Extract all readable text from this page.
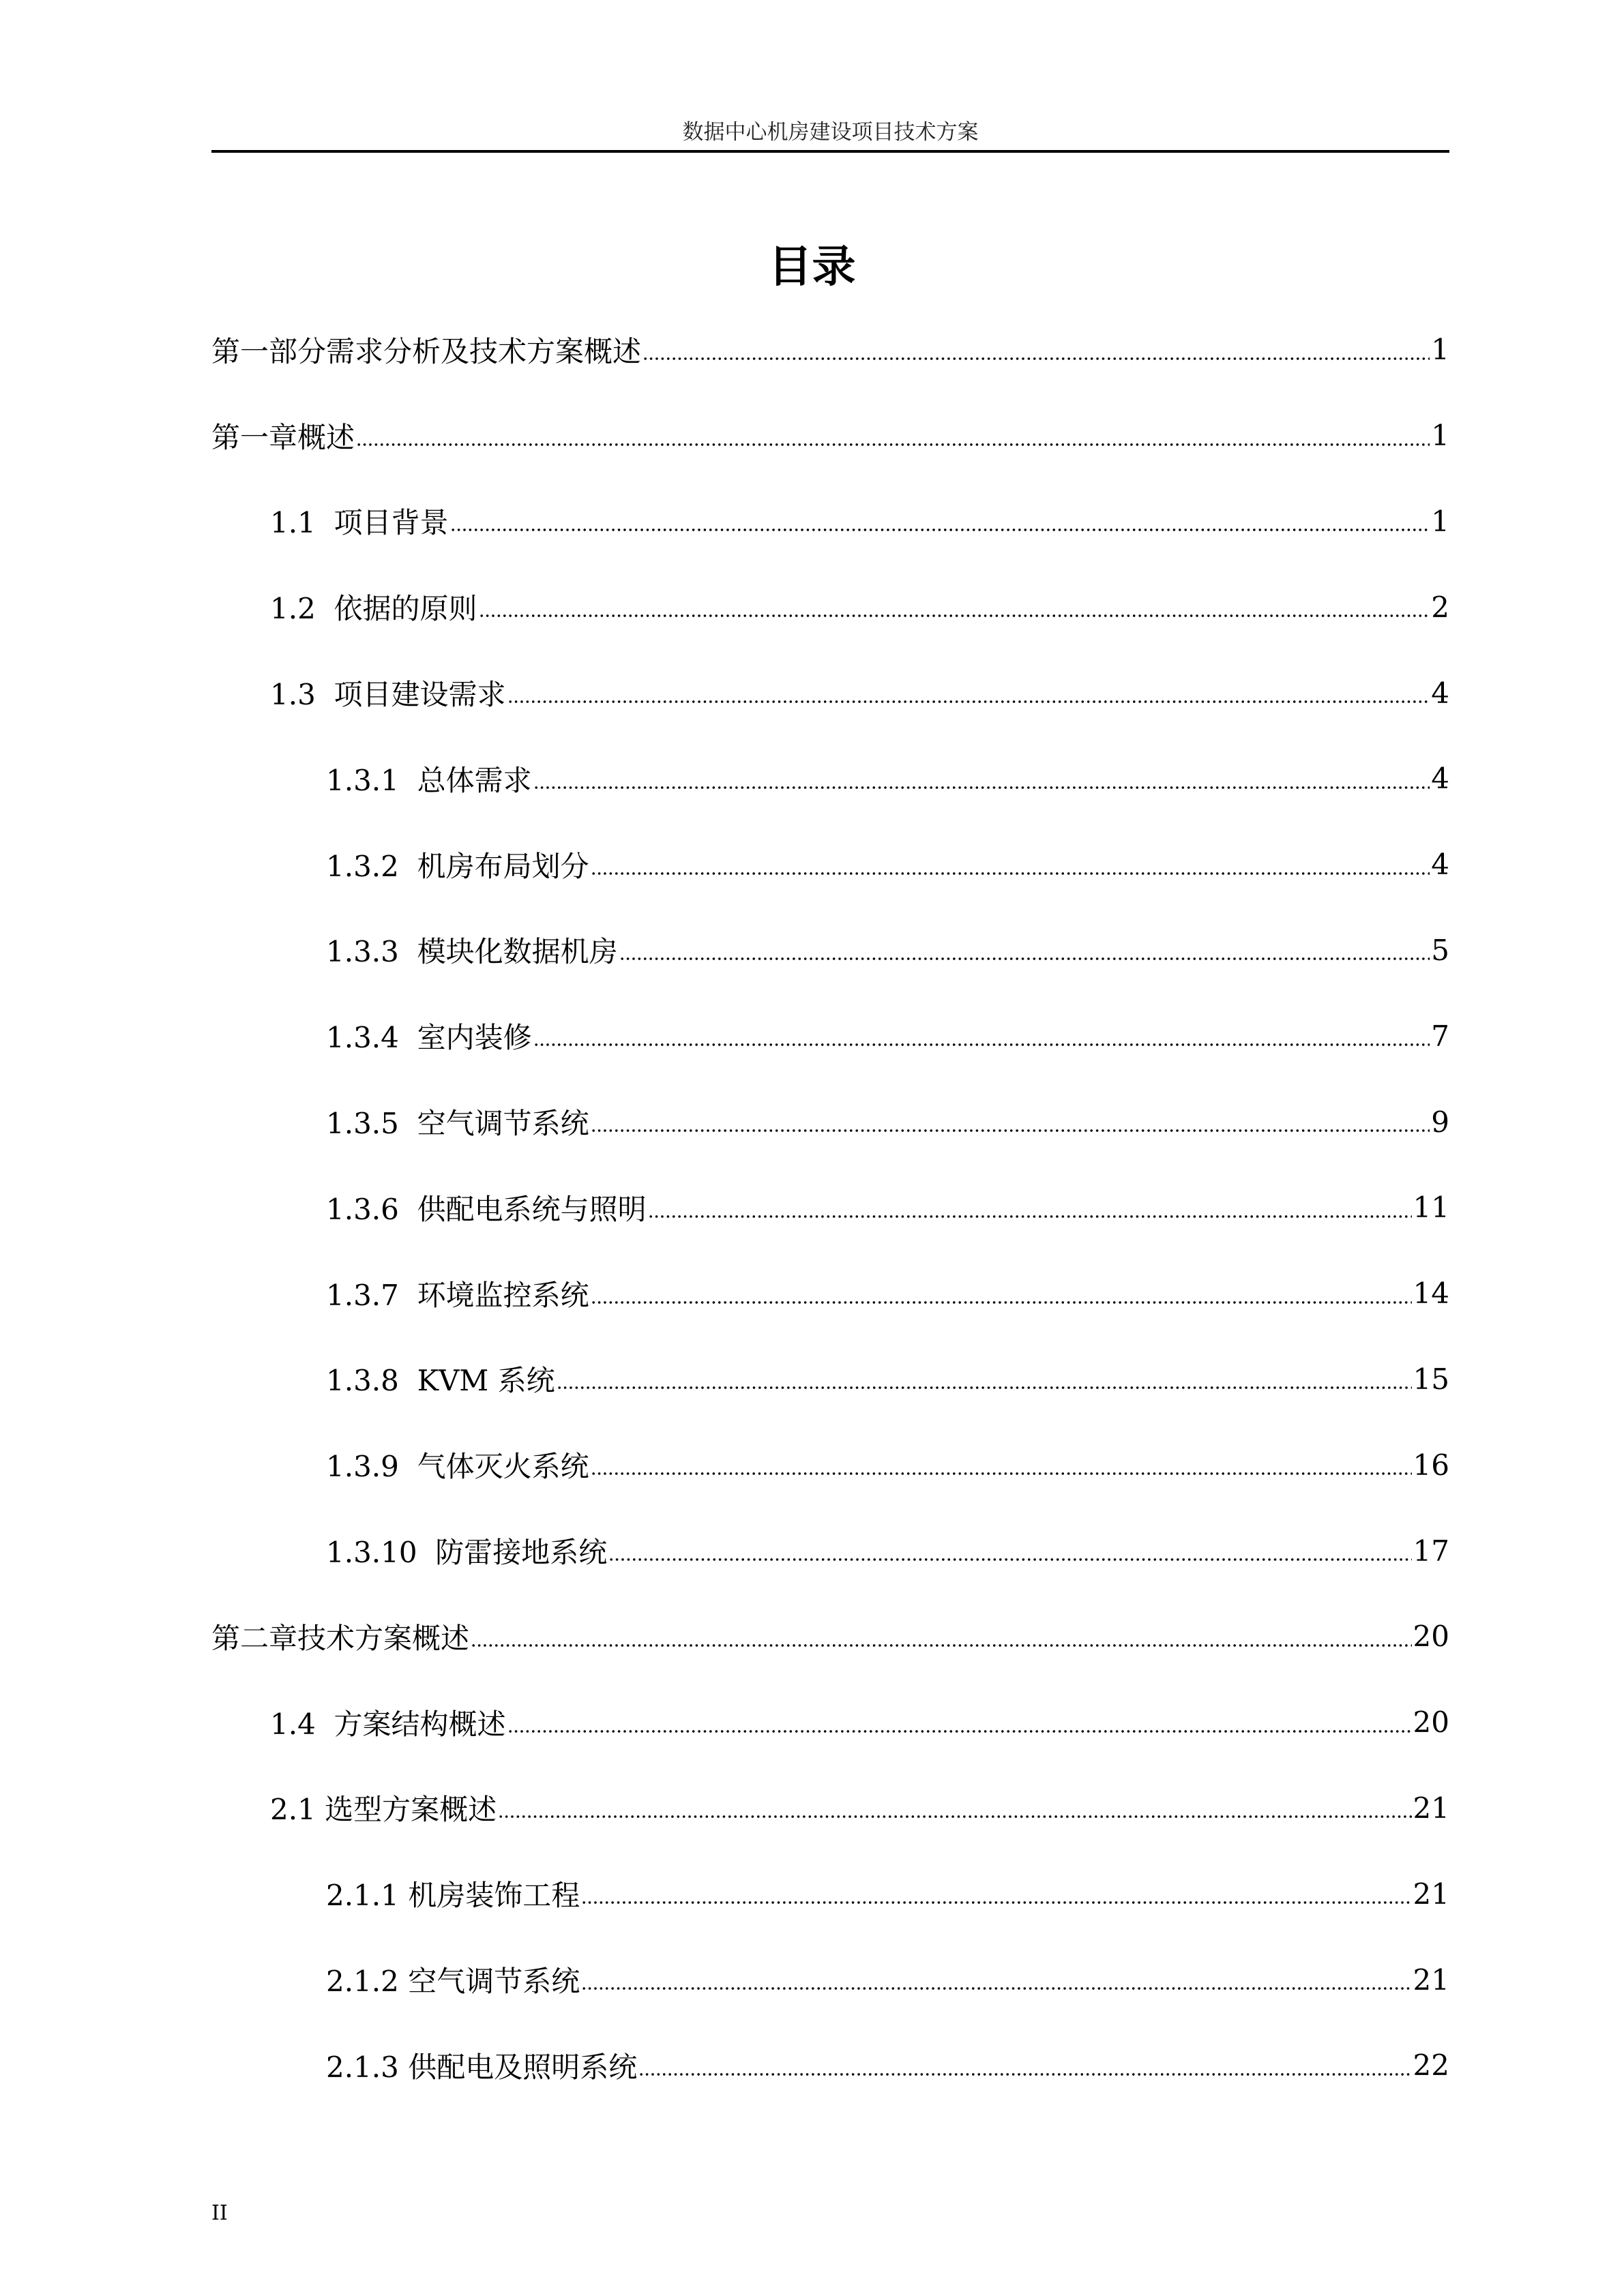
数据中心机房建设项目技术方案
目录
第一部分需求分析及技术方案概述	1
第一章概述	1
1.1  项目背景	1
1.2  依据的原则	2
1.3  项目建设需求	4
1.3.1  总体需求	4
1.3.2  机房布局划分	4
1.3.3  模块化数据机房	5
1.3.4  室内装修	7
1.3.5  空气调节系统	9
1.3.6  供配电系统与照明	11
1.3.7  环境监控系统	14
1.3.8  KVM 系统	15
1.3.9  气体灭火系统	16
1.3.10  防雷接地系统	17
第二章技术方案概述	20
1.4  方案结构概述	20
2.1 选型方案概述	21
2.1.1 机房装饰工程	21
2.1.2 空气调节系统	21
2.1.3 供配电及照明系统	22
II
